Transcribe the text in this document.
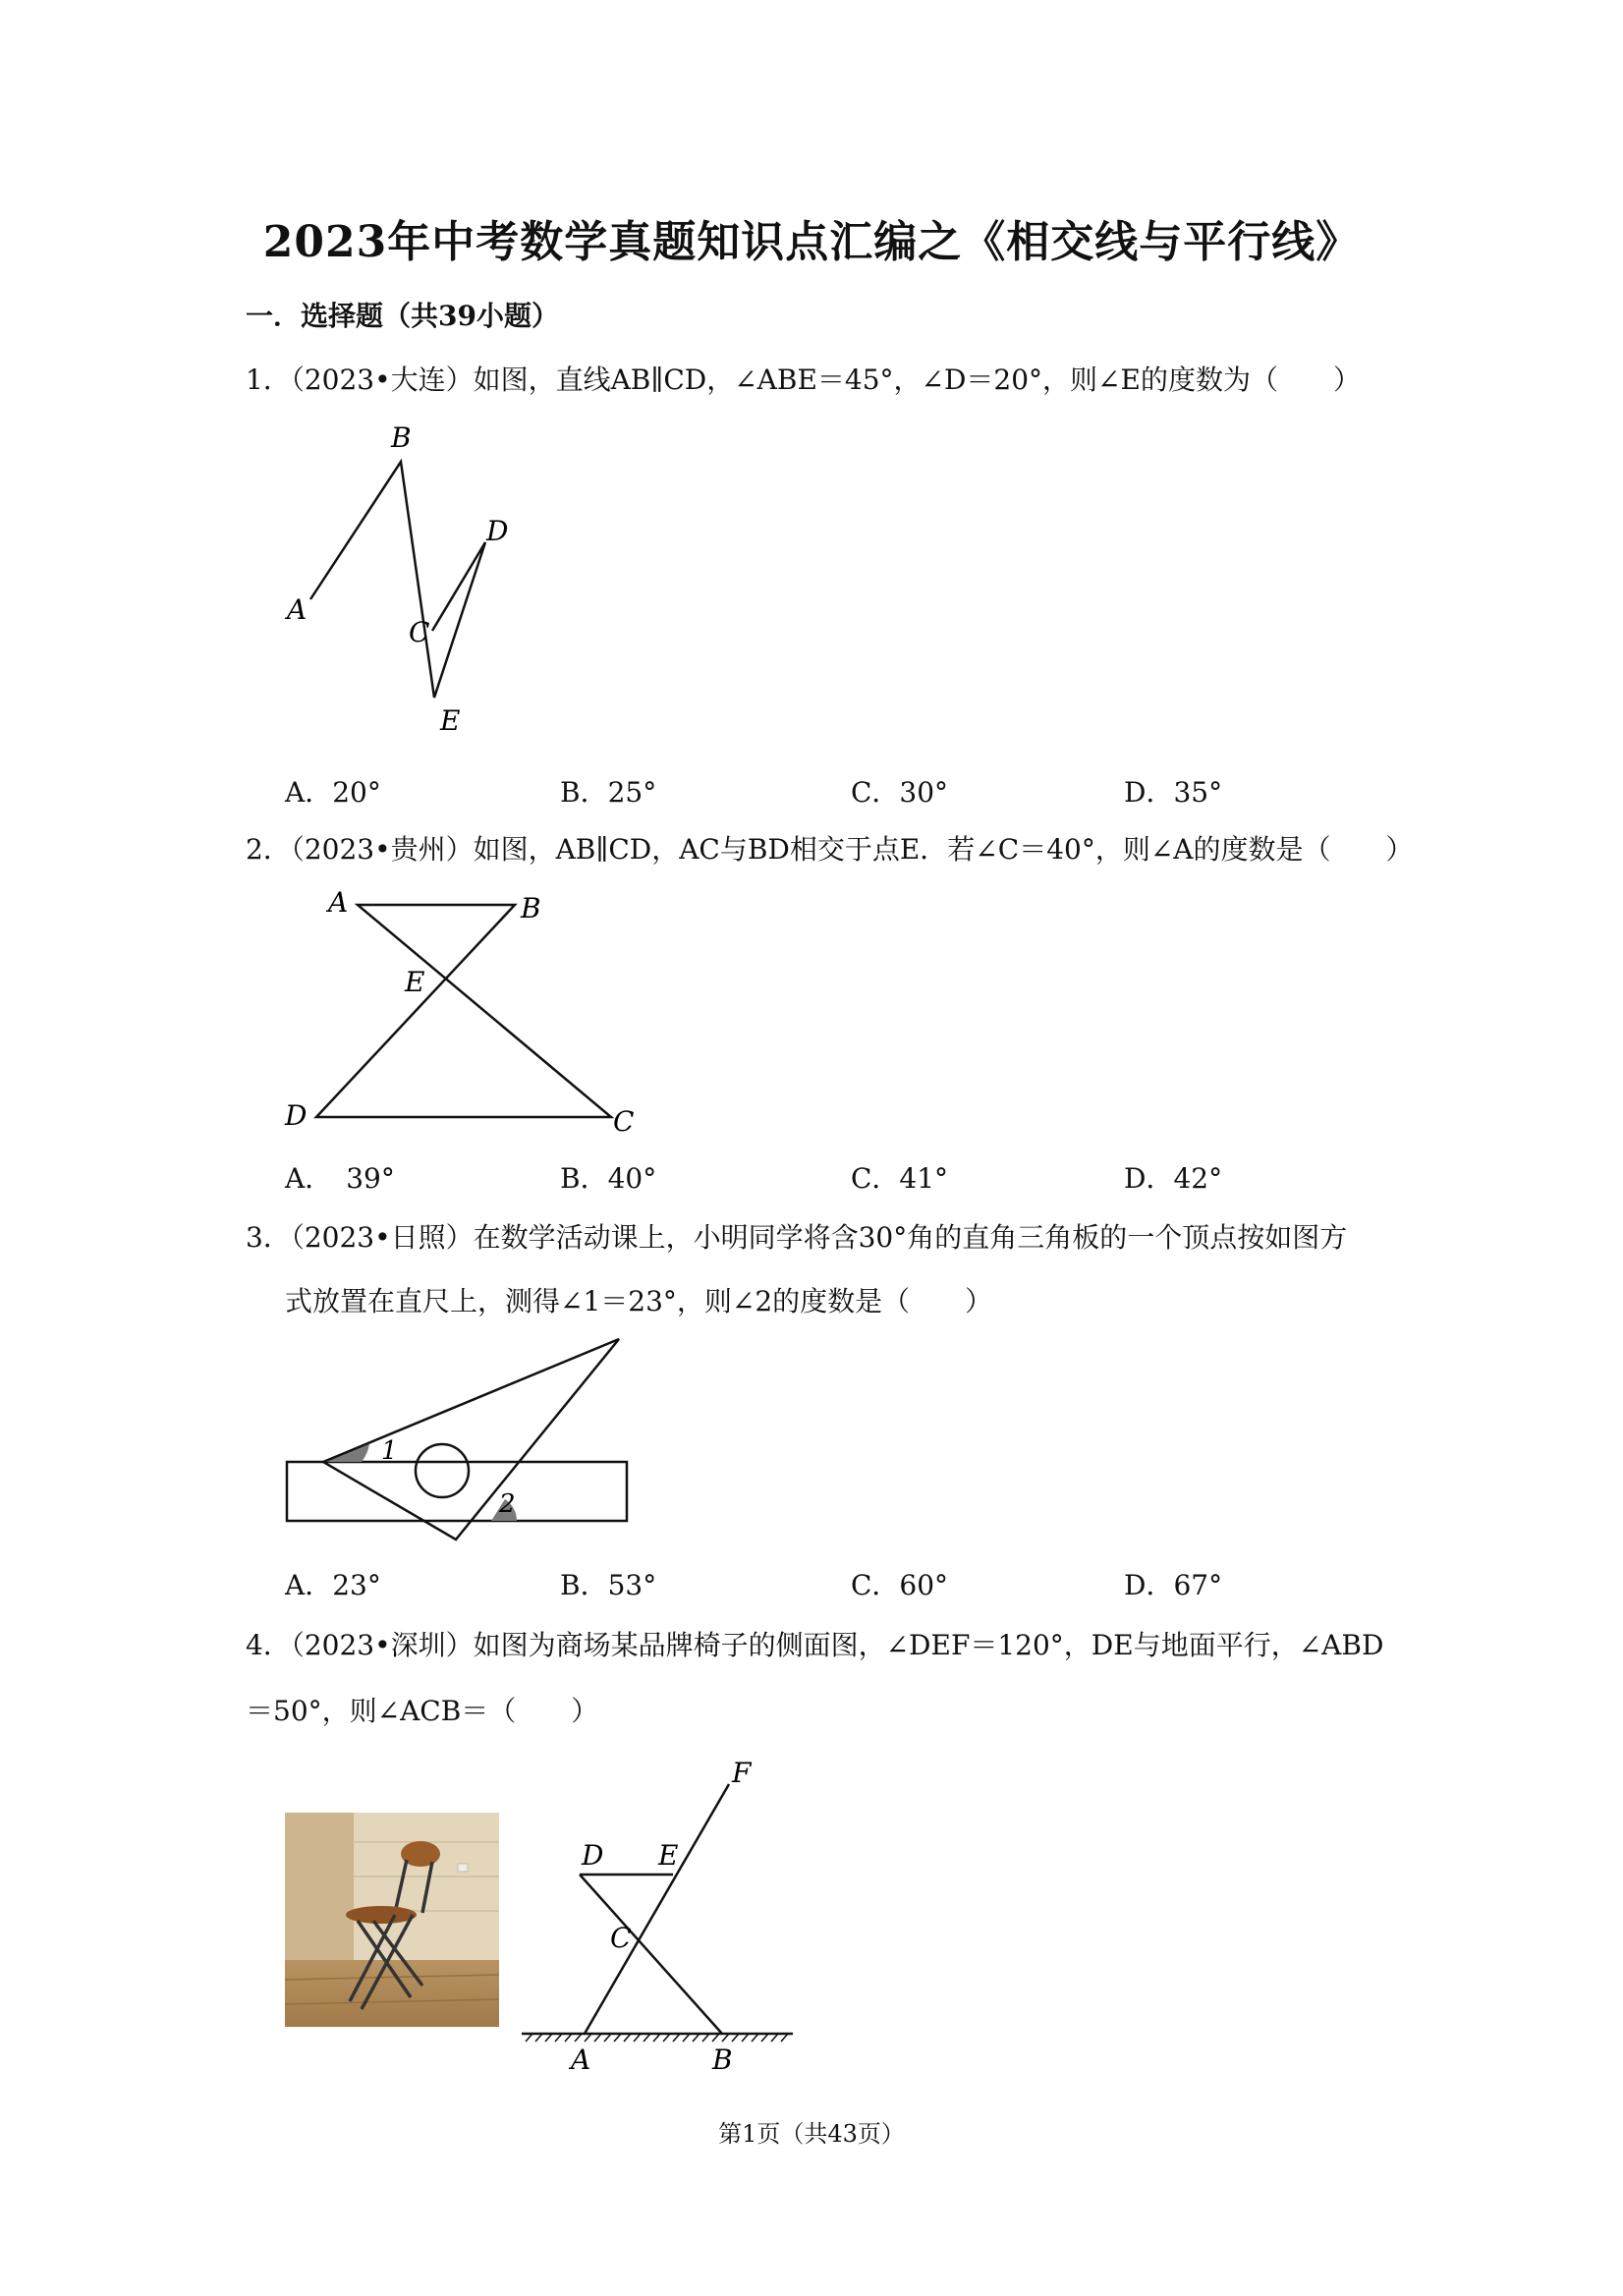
2023年中考数学真题知识点汇编之《相交线与平行线》
一．选择题（共39小题）
1．（2023•大连）如图，直线AB∥CD，∠ABE＝45°，∠D＝20°，则∠E的度数为（　　）
A
B
C
D
E
A．20°	B．25°	C．30°	D．35°
2．（2023•贵州）如图，AB∥CD，AC与BD相交于点E．若∠C＝40°，则∠A的度数是（　　）
A	B
E
D	C
A．　39°	B．40°	C．41°	D．42°
3．（2023•日照）在数学活动课上，小明同学将含30°角的直角三角板的一个顶点按如图方
式放置在直尺上，测得∠1＝23°，则∠2的度数是（　　）
1
2
A．23°	B．53°	C．60°	D．67°
4．（2023•深圳）如图为商场某品牌椅子的侧面图，∠DEF＝120°，DE与地面平行，∠ABD
＝50°，则∠ACB＝（　　）
F
D E
C
A	B
第1页（共43页）
